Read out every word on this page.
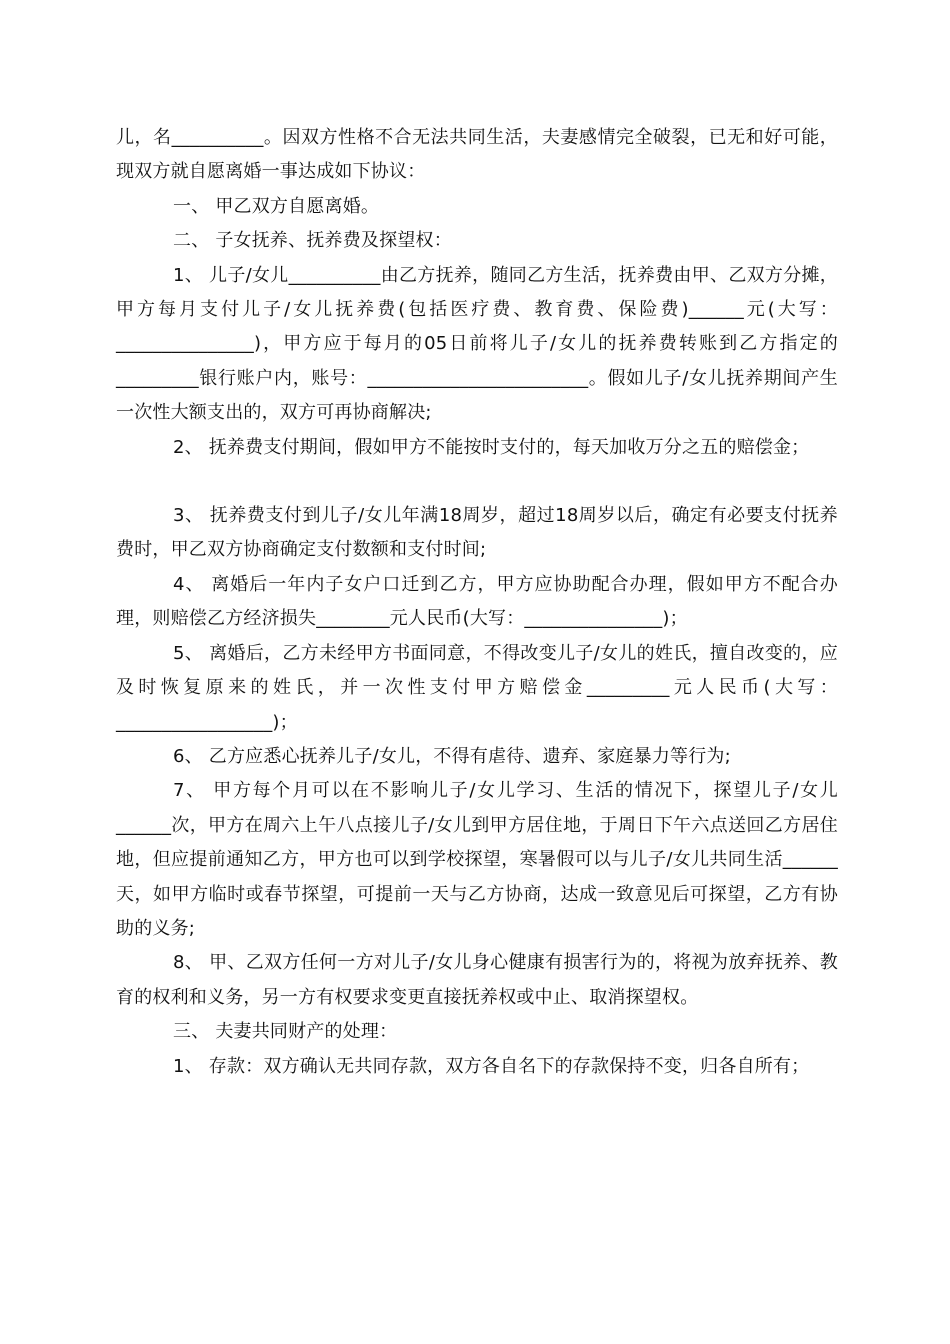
儿，名__________。因双方性格不合无法共同生活，夫妻感情完全破裂，已无和好可能，现双方就自愿离婚一事达成如下协议：

一、 甲乙双方自愿离婚。

二、 子女抚养、抚养费及探望权：

1、 儿子/女儿__________由乙方抚养，随同乙方生活，抚养费由甲、乙双方分摊，甲方每月支付儿子/女儿抚养费(包括医疗费、教育费、保险费)______元(大写：_______________)，甲方应于每月的05日前将儿子/女儿的抚养费转账到乙方指定的_________银行账户内，账号：________________________。假如儿子/女儿抚养期间产生一次性大额支出的，双方可再协商解决;

2、 抚养费支付期间，假如甲方不能按时支付的，每天加收万分之五的赔偿金；

3、 抚养费支付到儿子/女儿年满18周岁，超过18周岁以后，确定有必要支付抚养费时，甲乙双方协商确定支付数额和支付时间;

4、 离婚后一年内子女户口迁到乙方，甲方应协助配合办理，假如甲方不配合办理，则赔偿乙方经济损失________元人民币(大写：_______________)；

5、 离婚后，乙方未经甲方书面同意，不得改变儿子/女儿的姓氏，擅自改变的，应及时恢复原来的姓氏，并一次性支付甲方赔偿金_________元人民币(大写：_________________)；

6、 乙方应悉心抚养儿子/女儿，不得有虐待、遗弃、家庭暴力等行为;

7、 甲方每个月可以在不影响儿子/女儿学习、生活的情况下，探望儿子/女儿______次，甲方在周六上午八点接儿子/女儿到甲方居住地，于周日下午六点送回乙方居住地，但应提前通知乙方，甲方也可以到学校探望，寒暑假可以与儿子/女儿共同生活______天，如甲方临时或春节探望，可提前一天与乙方协商，达成一致意见后可探望，乙方有协助的义务;

8、 甲、乙双方任何一方对儿子/女儿身心健康有损害行为的，将视为放弃抚养、教育的权利和义务，另一方有权要求变更直接抚养权或中止、取消探望权。

三、 夫妻共同财产的处理：

1、 存款：双方确认无共同存款，双方各自名下的存款保持不变，归各自所有；
